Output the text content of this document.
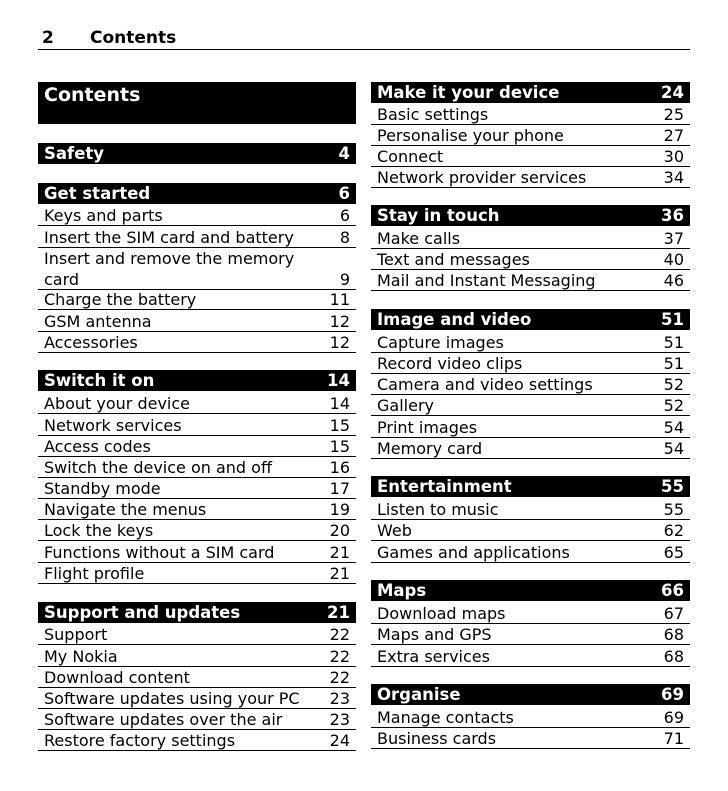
2 Contents
Contents
Safety	4
Get started	6
Keys and parts	6
Insert the SIM card and battery	8
Insert and remove the memory card	9
Charge the battery	11
GSM antenna	12
Accessories	12
Switch it on	14
About your device	14
Network services	15
Access codes	15
Switch the device on and off	16
Standby mode	17
Navigate the menus	19
Lock the keys	20
Functions without a SIM card	21
Flight profile	21
Support and updates	21
Support	22
My Nokia	22
Download content	22
Software updates using your PC 23
Software updates over the air	23
Restore factory settings	24
Make it your device	24
Basic settings	25
Personalise your phone	27
Connect	30
Network provider services	34
Stay in touch	36
Make calls	37
Text and messages	40
Mail and Instant Messaging	46
Image and video	51
Capture images	51
Record video clips	51
Camera and video settings	52
Gallery	52
Print images	54
Memory card	54
Entertainment	55
Listen to music	55
Web	62
Games and applications	65
Maps	66
Download maps	67
Maps and GPS	68
Extra services	68
Organise	69
Manage contacts	69
Business cards	71
